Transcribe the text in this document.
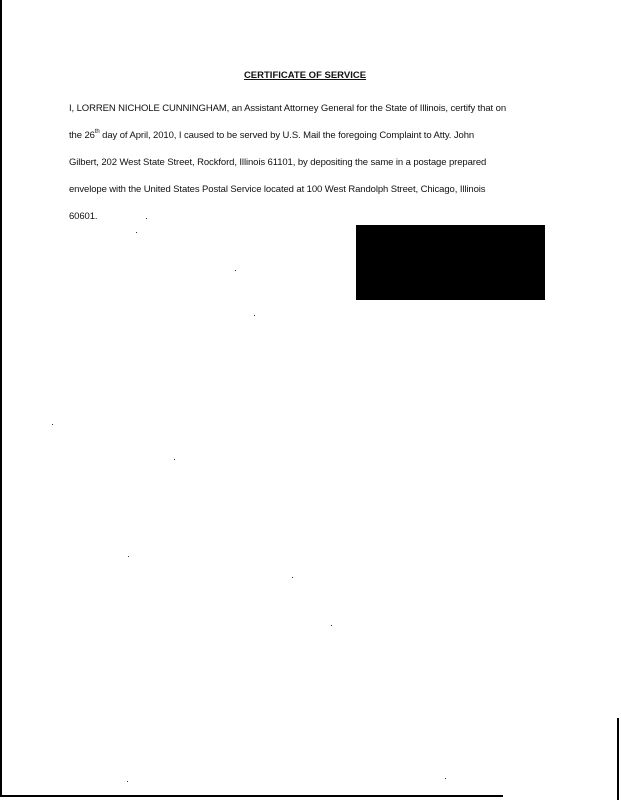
CERTIFICATE OF SERVICE
I, LORREN NICHOLE CUNNINGHAM, an Assistant Attorney General for the State of Illinois, certify that on
the 26th day of April, 2010, I caused to be served by U.S. Mail the foregoing Complaint to Atty. John
Gilbert, 202 West State Street, Rockford, Illinois 61101, by depositing the same in a postage prepared
envelope with the United States Postal Service located at 100 West Randolph Street, Chicago, Illinois
60601.
